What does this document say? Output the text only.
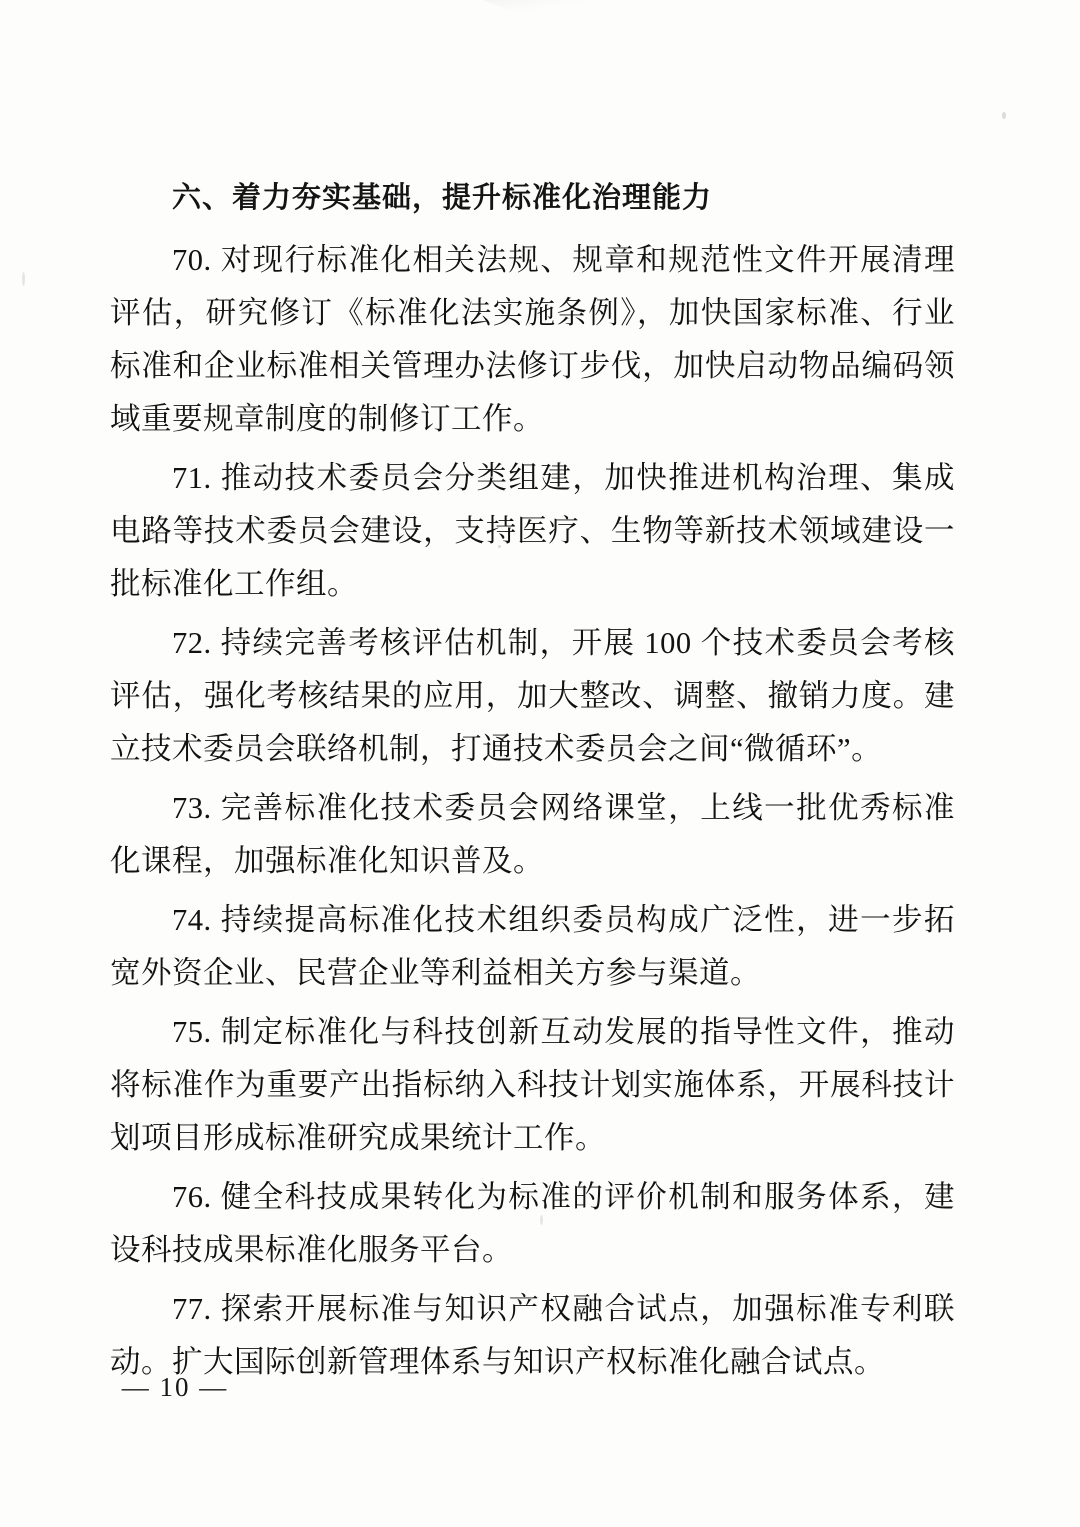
六、着力夯实基础，提升标准化治理能力

70. 对现行标准化相关法规、规章和规范性文件开展清理评估，研究修订《标准化法实施条例》，加快国家标准、行业标准和企业标准相关管理办法修订步伐，加快启动物品编码领域重要规章制度的制修订工作。

71. 推动技术委员会分类组建，加快推进机构治理、集成电路等技术委员会建设，支持医疗、生物等新技术领域建设一批标准化工作组。

72. 持续完善考核评估机制，开展 100 个技术委员会考核评估，强化考核结果的应用，加大整改、调整、撤销力度。建立技术委员会联络机制，打通技术委员会之间“微循环”。

73. 完善标准化技术委员会网络课堂，上线一批优秀标准化课程，加强标准化知识普及。

74. 持续提高标准化技术组织委员构成广泛性，进一步拓宽外资企业、民营企业等利益相关方参与渠道。

75. 制定标准化与科技创新互动发展的指导性文件，推动将标准作为重要产出指标纳入科技计划实施体系，开展科技计划项目形成标准研究成果统计工作。

76. 健全科技成果转化为标准的评价机制和服务体系，建设科技成果标准化服务平台。

77. 探索开展标准与知识产权融合试点，加强标准专利联动。扩大国际创新管理体系与知识产权标准化融合试点。

— 10 —
